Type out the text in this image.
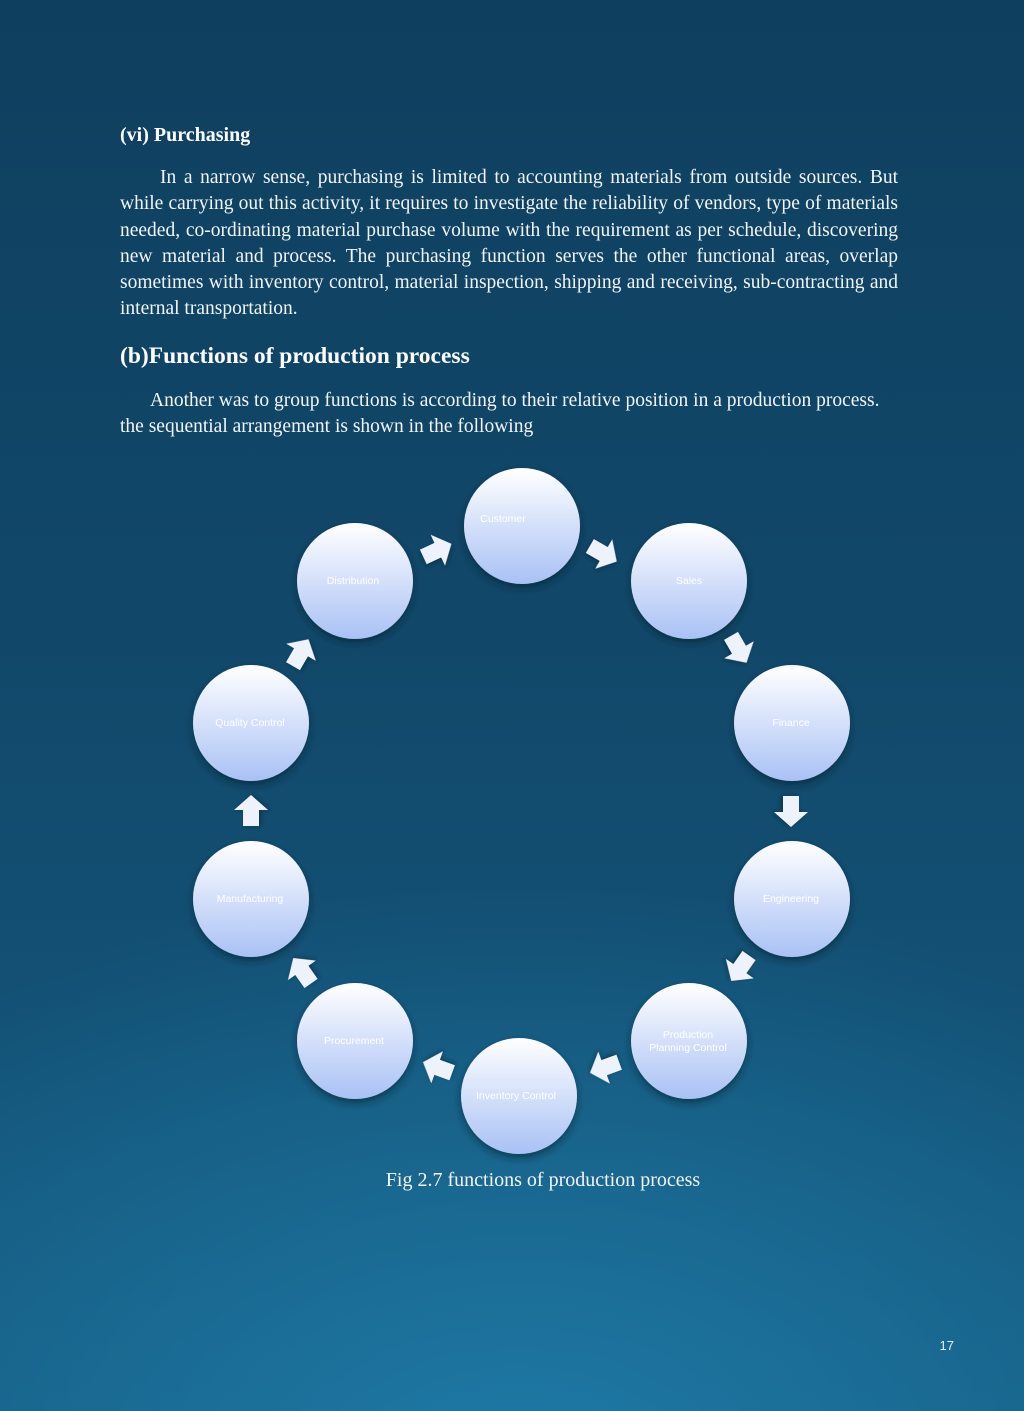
(vi) Purchasing

In a narrow sense, purchasing is limited to accounting materials from outside sources. But while carrying out this activity, it requires to investigate the reliability of vendors, type of materials needed, co-ordinating material purchase volume with the requirement as per schedule, discovering new material and process. The purchasing function serves the other functional areas, overlap sometimes with inventory control, material inspection, shipping and receiving, sub-contracting and internal transportation.

(b)Functions of production process

Another was to group functions is according to their relative position in a production process. the sequential arrangement is shown in the following

Customer
Sales
Finance
Engineering
Production
Planning Control
Inventory Control
Procurement
Manufacturing
Quality Control
Distribution

Fig 2.7 functions of production process

17
